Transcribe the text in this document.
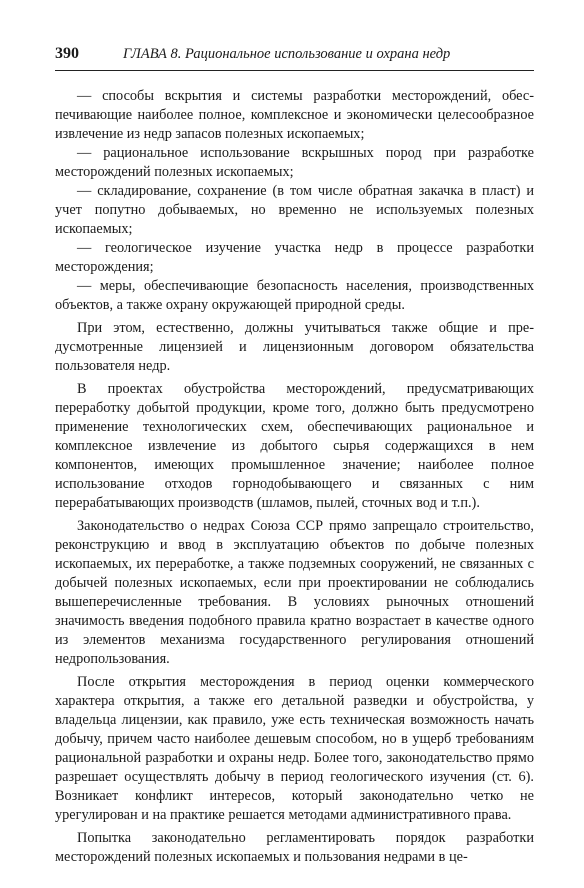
390	ГЛАВА 8. Рациональное использование и охрана недр

— способы вскрытия и системы разработки месторождений, обеспечивающие наиболее полное, комплексное и экономически целесообразное извлечение из недр запасов полезных ископаемых;

— рациональное использование вскрышных пород при разработке месторождений полезных ископаемых;

— складирование, сохранение (в том числе обратная закачка в пласт) и учет попутно добываемых, но временно не используемых полезных ископаемых;

— геологическое изучение участка недр в процессе разработки месторождения;

— меры, обеспечивающие безопасность населения, производственных объектов, а также охрану окружающей природной среды.

При этом, естественно, должны учитываться также общие и предусмотренные лицензией и лицензионным договором обязательства пользователя недр.

В проектах обустройства месторождений, предусматривающих переработку добытой продукции, кроме того, должно быть предусмотрено применение технологических схем, обеспечивающих рациональное и комплексное извлечение из добытого сырья содержащихся в нем компонентов, имеющих промышленное значение; наиболее полное использование отходов горнодобывающего и связанных с ним перерабатывающих производств (шламов, пылей, сточных вод и т.п.).

Законодательство о недрах Союза ССР прямо запрещало строительство, реконструкцию и ввод в эксплуатацию объектов по добыче полезных ископаемых, их переработке, а также подземных сооружений, не связанных с добычей полезных ископаемых, если при проектировании не соблюдались вышеперечисленные требования. В условиях рыночных отношений значимость введения подобного правила кратно возрастает в качестве одного из элементов механизма государственного регулирования отношений недропользования.

После открытия месторождения в период оценки коммерческого характера открытия, а также его детальной разведки и обустройства, у владельца лицензии, как правило, уже есть техническая возможность начать добычу, причем часто наиболее дешевым способом, но в ущерб требованиям рациональной разработки и охраны недр. Более того, законодательство прямо разрешает осуществлять добычу в период геологического изучения (ст. 6). Возникает конфликт интересов, который законодательно четко не урегулирован и на практике решается методами административного права.

Попытка законодательно регламентировать порядок разработки месторождений полезных ископаемых и пользования недрами в це-
